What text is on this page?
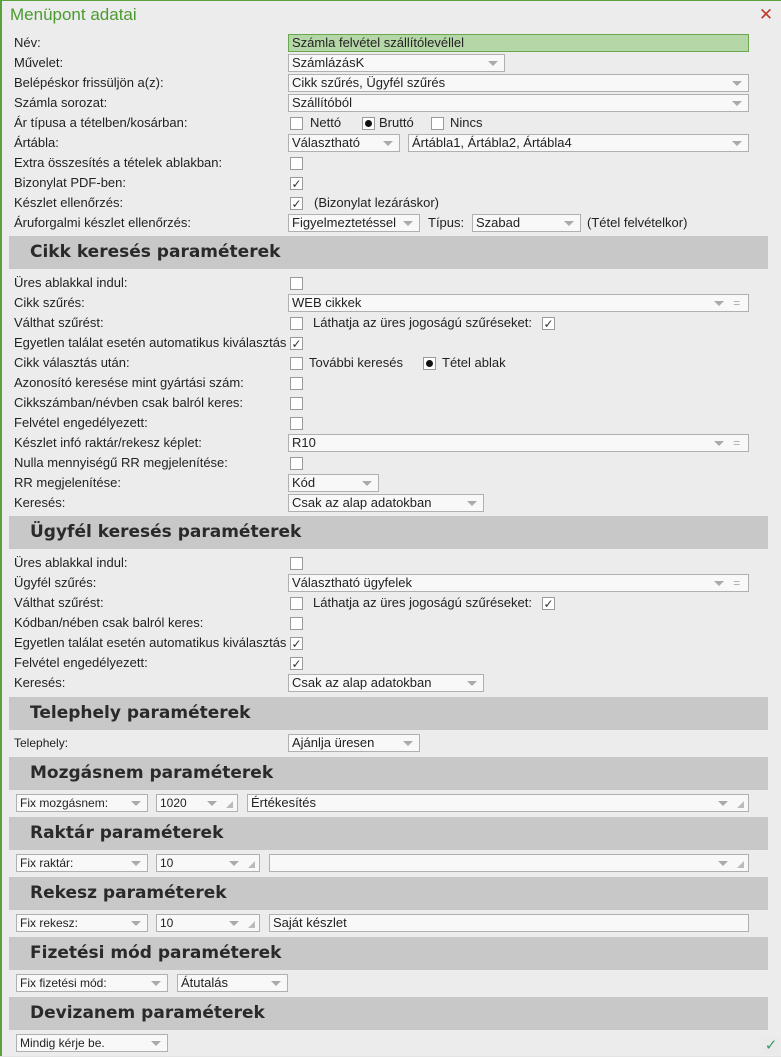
Menüpont adatai	✕
Név:	Számla felvétel szállítólevéllel
Művelet:	SzámlázásK
Belépéskor frissüljön a(z):	Cikk szűrés, Ügyfél szűrés
Számla sorozat:	Szállítóból
Ár típusa a tételben/kosárban:	Nettó	Bruttó	Nincs
Ártábla:	Választható	Ártábla1, Ártábla2, Ártábla4
Extra összesítés a tételek ablakban:
Bizonylat PDF-ben:	✓
Készlet ellenőrzés:	✓ (Bizonylat lezáráskor)
Áruforgalmi készlet ellenőrzés:	Figyelmeztetéssel	Típus: Szabad	(Tétel felvételkor)
Cikk keresés paraméterek
Üres ablakkal indul:
Cikk szűrés:	WEB cikkek	=
Válthat szűrést:	Láthatja az üres jogoságú szűréseket: ✓
Egyetlen találat esetén automatikus kiválasztás ✓
Cikk választás után:	További keresés	Tétel ablak
Azonosító keresése mint gyártási szám:
Cikkszámban/névben csak balról keres:
Felvétel engedélyezett:
Készlet infó raktár/rekesz képlet:	R10	=
Nulla mennyiségű RR megjelenítése:
RR megjelenítése:	Kód
Keresés:	Csak az alap adatokban
Ügyfél keresés paraméterek
Üres ablakkal indul:
Ügyfél szűrés:	Választható ügyfelek	=
Válthat szűrést:	Láthatja az üres jogoságú szűréseket: ✓
Kódban/nében csak balról keres:
Egyetlen találat esetén automatikus kiválasztás ✓
Felvétel engedélyezett:	✓
Keresés:	Csak az alap adatokban
Telephely paraméterek
Telephely:	Ajánlja üresen
Mozgásnem paraméterek
Fix mozgásnem:	1020	Értékesítés
Raktár paraméterek
Fix raktár:	10
Rekesz paraméterek
Fix rekesz:	10	Saját készlet
Fizetési mód paraméterek
Fix fizetési mód:	Átutalás
Devizanem paraméterek
Mindig kérje be.	✓
